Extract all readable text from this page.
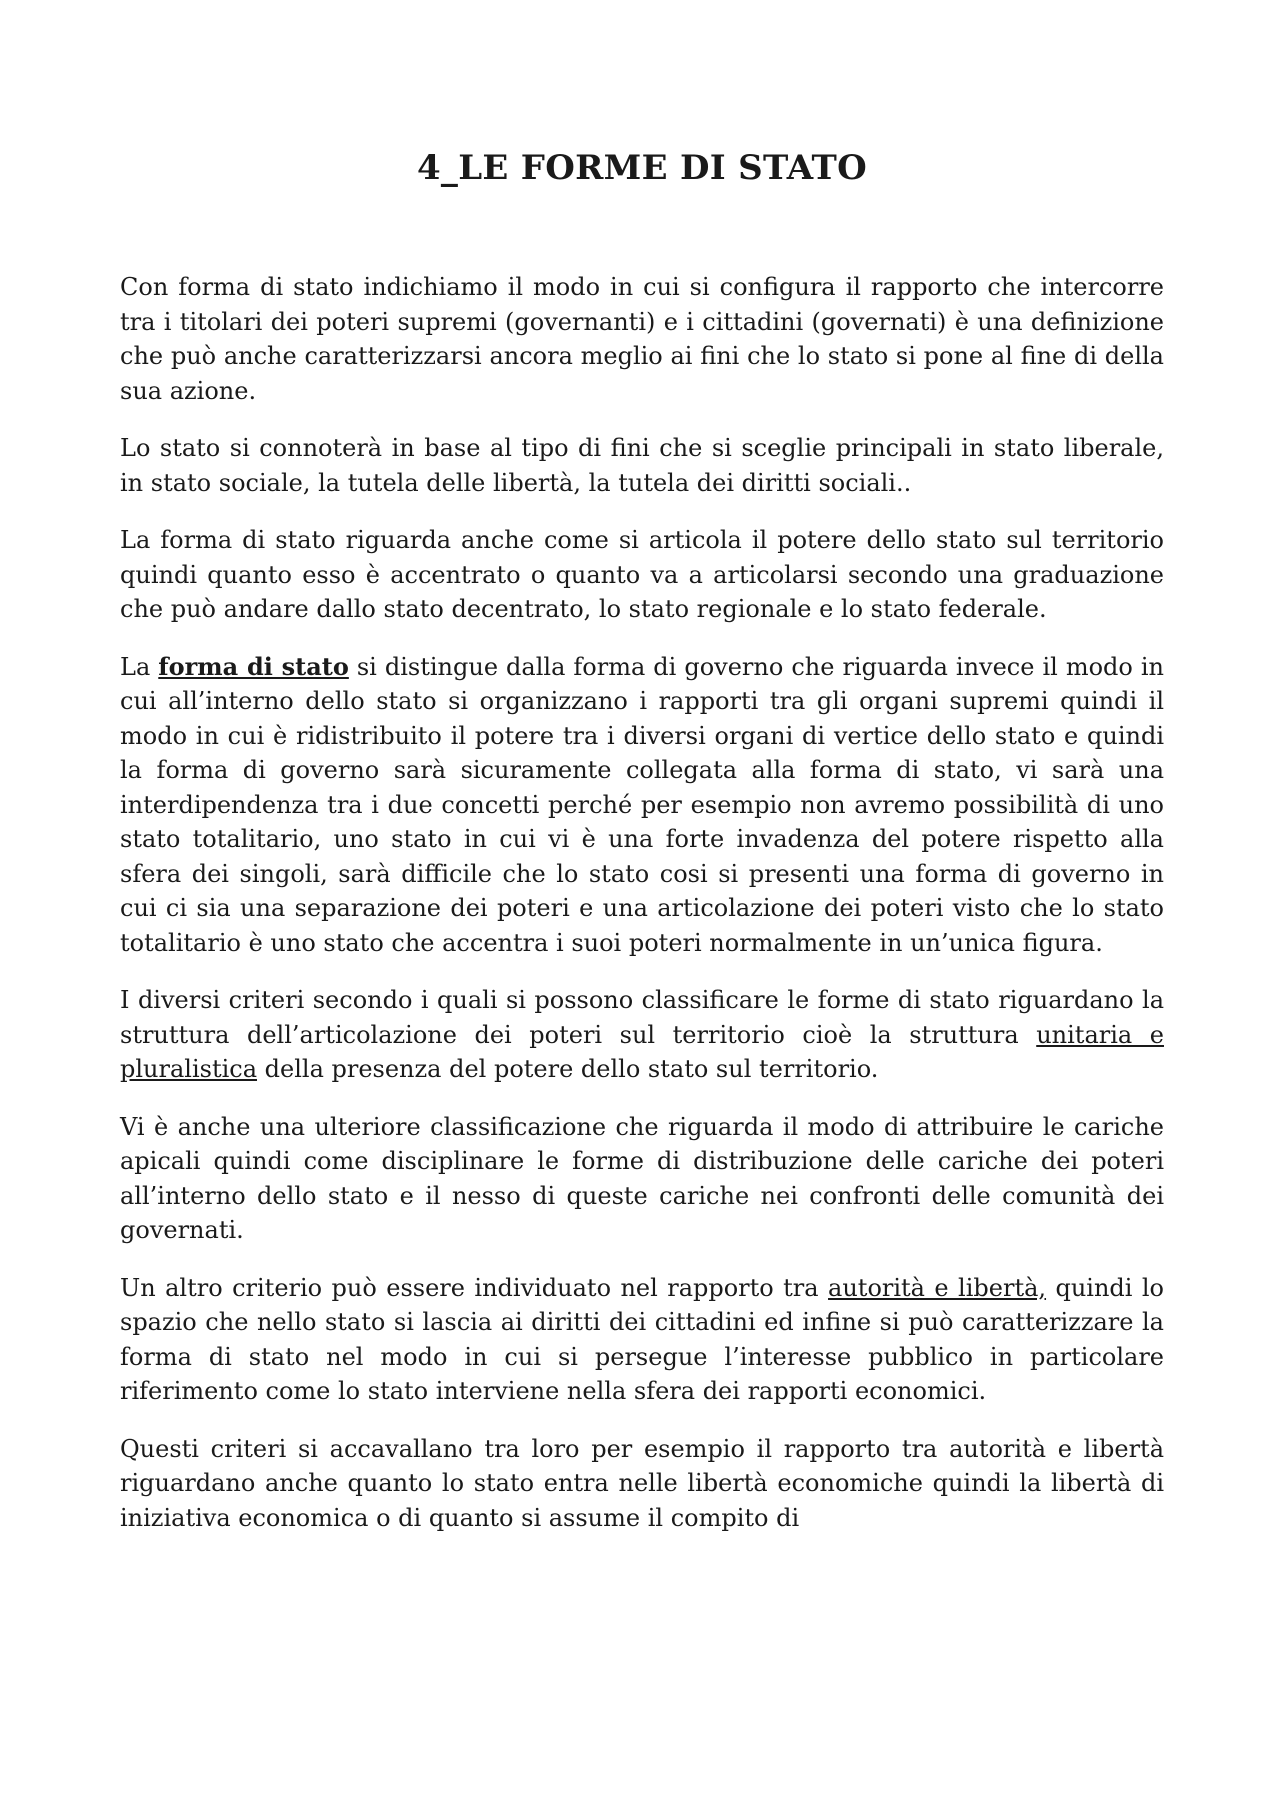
4_LE FORME DI STATO

Con forma di stato indichiamo il modo in cui si configura il rapporto che intercorre tra i titolari dei poteri supremi (governanti) e i cittadini (governati) è una definizione che può anche caratterizzarsi ancora meglio ai fini che lo stato si pone al fine di della sua azione.

Lo stato si connoterà in base al tipo di fini che si sceglie principali in stato liberale, in stato sociale, la tutela delle libertà, la tutela dei diritti sociali..

La forma di stato riguarda anche come si articola il potere dello stato sul territorio quindi quanto esso è accentrato o quanto va a articolarsi secondo una graduazione che può andare dallo stato decentrato, lo stato regionale e lo stato federale.

La forma di stato si distingue dalla forma di governo che riguarda invece il modo in cui all’interno dello stato si organizzano i rapporti tra gli organi supremi quindi il modo in cui è ridistribuito il potere tra i diversi organi di vertice dello stato e quindi la forma di governo sarà sicuramente collegata alla forma di stato, vi sarà una interdipendenza tra i due concetti perché per esempio non avremo possibilità di uno stato totalitario, uno stato in cui vi è una forte invadenza del potere rispetto alla sfera dei singoli, sarà difficile che lo stato cosi si presenti una forma di governo in cui ci sia una separazione dei poteri e una articolazione dei poteri visto che lo stato totalitario è uno stato che accentra i suoi poteri normalmente in un’unica figura.

I diversi criteri secondo i quali si possono classificare le forme di stato riguardano la struttura dell’articolazione dei poteri sul territorio cioè la struttura unitaria e pluralistica della presenza del potere dello stato sul territorio.

Vi è anche una ulteriore classificazione che riguarda il modo di attribuire le cariche apicali quindi come disciplinare le forme di distribuzione delle cariche dei poteri all’interno dello stato e il nesso di queste cariche nei confronti delle comunità dei governati.

Un altro criterio può essere individuato nel rapporto tra autorità e libertà, quindi lo spazio che nello stato si lascia ai diritti dei cittadini ed infine si può caratterizzare la forma di stato nel modo in cui si persegue l’interesse pubblico in particolare riferimento come lo stato interviene nella sfera dei rapporti economici.

Questi criteri si accavallano tra loro per esempio il rapporto tra autorità e libertà riguardano anche quanto lo stato entra nelle libertà economiche quindi la libertà di iniziativa economica o di quanto si assume il compito di
